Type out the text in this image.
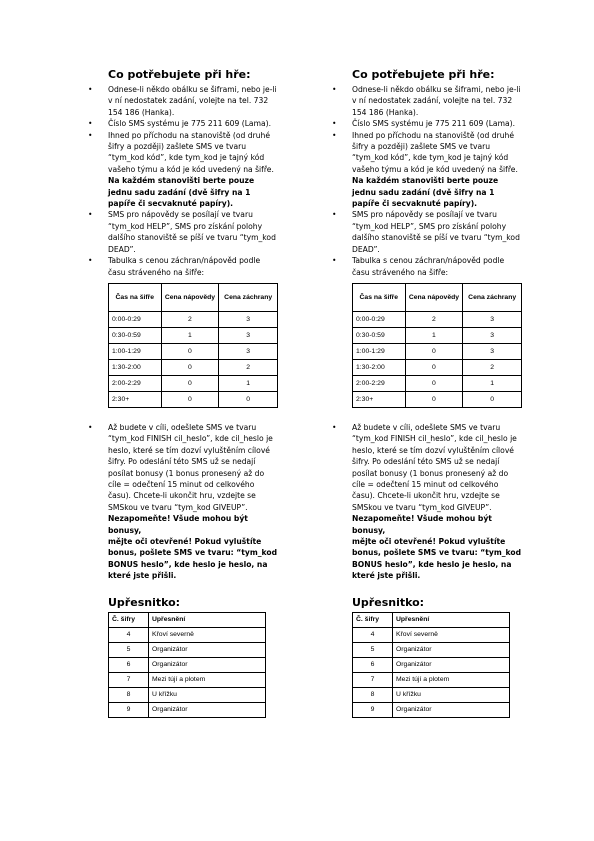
Co potřebujete při hře:
• Odnese-li někdo obálku se šiframi, nebo je-li v ní nedostatek zadání, volejte na tel. 732 154 186 (Hanka).
• Číslo SMS systému je 775 211 609 (Lama).
• Ihned po příchodu na stanoviště (od druhé šifry a později) zašlete SMS ve tvaru “tym_kod kód”, kde tym_kod je tajný kód vašeho týmu a kód je kód uvedený na šifře. Na každém stanovišti berte pouze jednu sadu zadání (dvě šifry na 1 papíře či secvaknuté papíry).
• SMS pro nápovědy se posílají ve tvaru “tym_kod HELP”, SMS pro získání polohy dalšího stanoviště se píší ve tvaru “tym_kod DEAD”.
• Tabulka s cenou záchran/nápověd podle času stráveného na šifře:
Čas na šifře	Cena nápovědy	Cena záchrany
0:00-0:29	2	3
0:30-0:59	1	3
1:00-1:29	0	3
1:30-2:00	0	2
2:00-2:29	0	1
2:30+	0	0
• Až budete v cíli, odešlete SMS ve tvaru “tym_kod FINISH cil_heslo”, kde cil_heslo je heslo, které se tím dozví vyluštěním cílové šifry. Po odeslání této SMS už se nedají posílat bonusy (1 bonus pronesený až do cíle = odečtení 15 minut od celkového času). Chcete-li ukončit hru, vzdejte se SMSkou ve tvaru “tym_kod GIVEUP”.
Nezapomeňte! Všude mohou být bonusy,
mějte oči otevřené! Pokud vyluštíte bonus, pošlete SMS ve tvaru: “tym_kod BONUS heslo”, kde heslo je heslo, na které jste přišli.
Upřesnitko:
Č. šifry	Upřesnění
4	Křoví severně
5	Organizátor
6	Organizátor
7	Mezi tújí a plotem
8	U křížku
9	Organizátor
Co potřebujete při hře:
• Odnese-li někdo obálku se šiframi, nebo je-li v ní nedostatek zadání, volejte na tel. 732 154 186 (Hanka).
• Číslo SMS systému je 775 211 609 (Lama).
• Ihned po příchodu na stanoviště (od druhé šifry a později) zašlete SMS ve tvaru “tym_kod kód”, kde tym_kod je tajný kód vašeho týmu a kód je kód uvedený na šifře. Na každém stanovišti berte pouze jednu sadu zadání (dvě šifry na 1 papíře či secvaknuté papíry).
• SMS pro nápovědy se posílají ve tvaru “tym_kod HELP”, SMS pro získání polohy dalšího stanoviště se píší ve tvaru “tym_kod DEAD”.
• Tabulka s cenou záchran/nápověd podle času stráveného na šifře:
Čas na šifře	Cena nápovědy	Cena záchrany
0:00-0:29	2	3
0:30-0:59	1	3
1:00-1:29	0	3
1:30-2:00	0	2
2:00-2:29	0	1
2:30+	0	0
• Až budete v cíli, odešlete SMS ve tvaru “tym_kod FINISH cil_heslo”, kde cil_heslo je heslo, které se tím dozví vyluštěním cílové šifry. Po odeslání této SMS už se nedají posílat bonusy (1 bonus pronesený až do cíle = odečtení 15 minut od celkového času). Chcete-li ukončit hru, vzdejte se SMSkou ve tvaru “tym_kod GIVEUP”.
Nezapomeňte! Všude mohou být bonusy,
mějte oči otevřené! Pokud vyluštíte bonus, pošlete SMS ve tvaru: “tym_kod BONUS heslo”, kde heslo je heslo, na které jste přišli.
Upřesnitko:
Č. šifry	Upřesnění
4	Křoví severně
5	Organizátor
6	Organizátor
7	Mezi tújí a plotem
8	U křížku
9	Organizátor
